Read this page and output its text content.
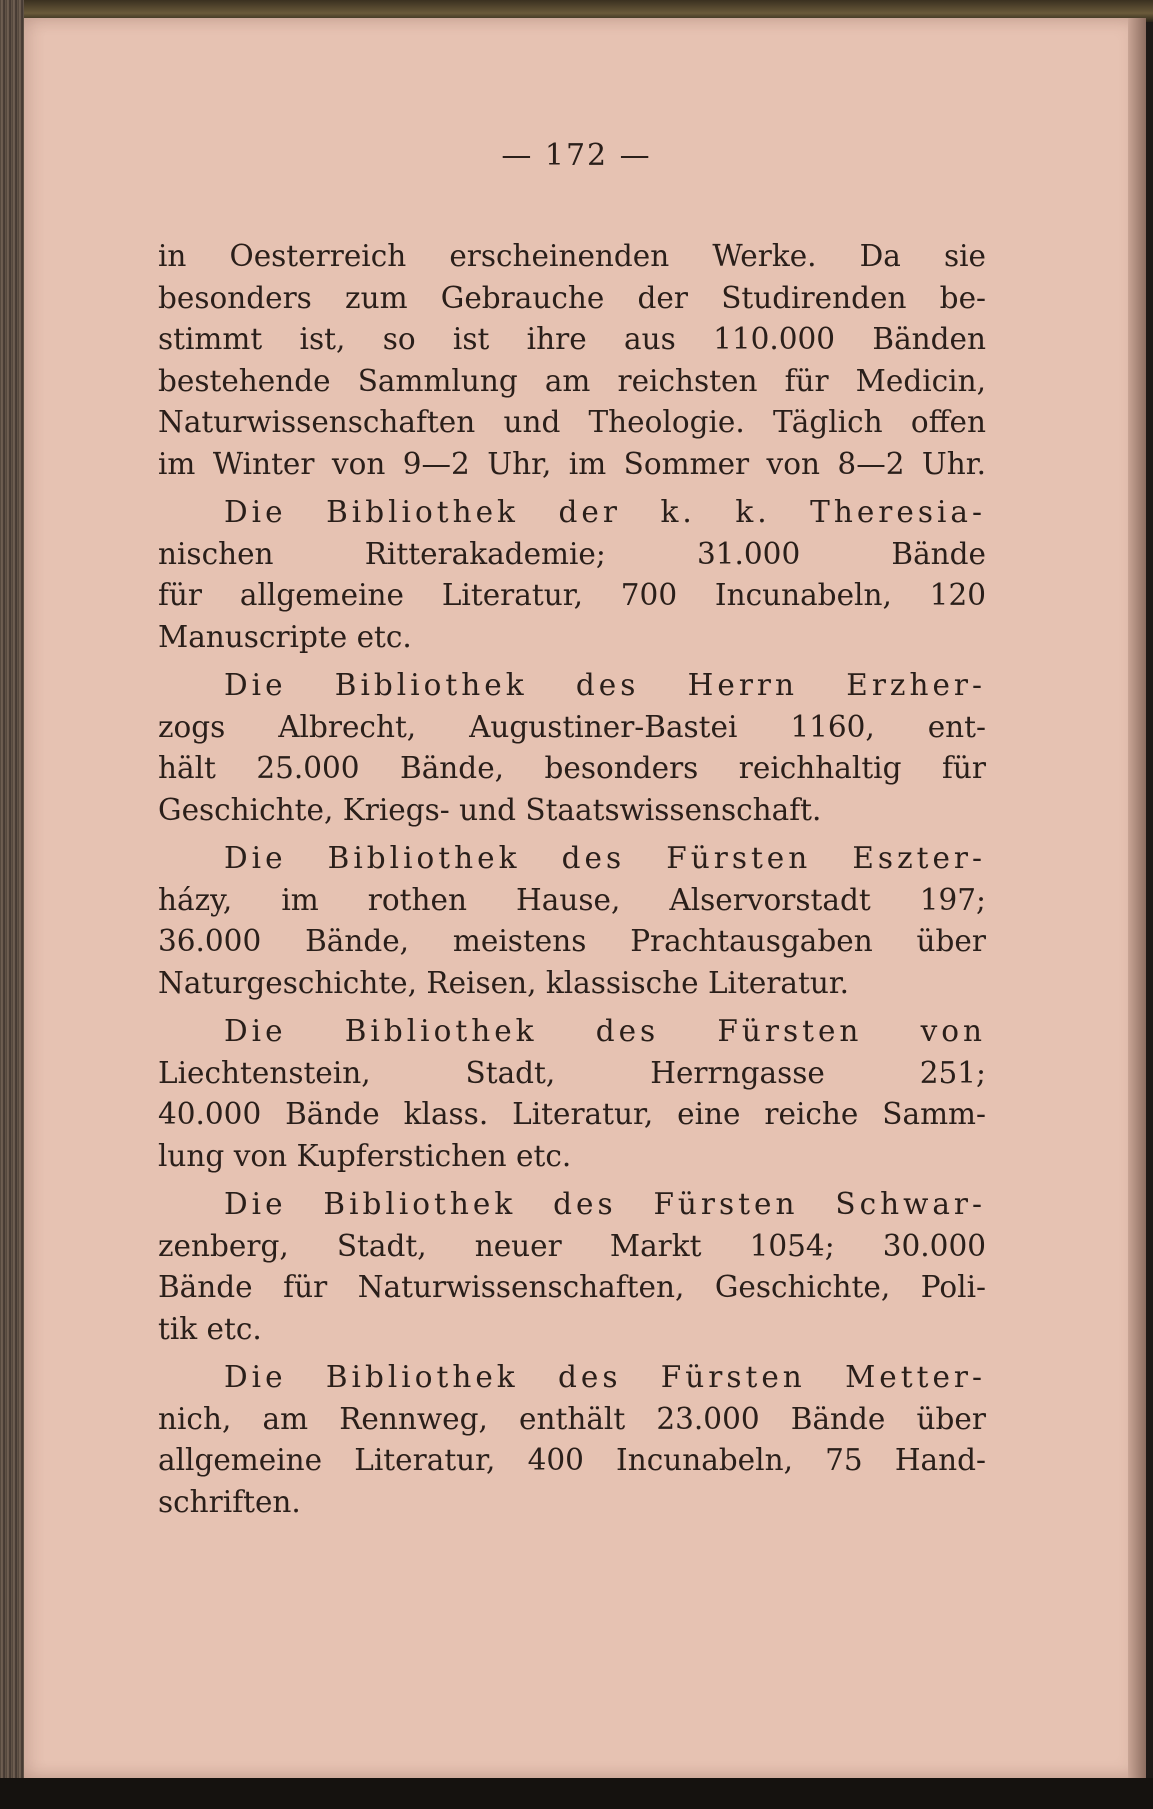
— 172 —
in Oesterreich erscheinenden Werke. Da sie
besonders zum Gebrauche der Studirenden be-
stimmt ist, so ist ihre aus 110.000 Bänden
bestehende Sammlung am reichsten für Medicin,
Naturwissenschaften und Theologie. Täglich offen
im Winter von 9—2 Uhr, im Sommer von 8—2 Uhr.
Die Bibliothek der k. k. Theresia-
nischen Ritterakademie; 31.000 Bände
für allgemeine Literatur, 700 Incunabeln, 120
Manuscripte etc.
Die Bibliothek des Herrn Erzher-
zogs Albrecht, Augustiner-Bastei 1160, ent-
hält 25.000 Bände, besonders reichhaltig für
Geschichte, Kriegs- und Staatswissenschaft.
Die Bibliothek des Fürsten Eszter-
házy, im rothen Hause, Alservorstadt 197;
36.000 Bände, meistens Prachtausgaben über
Naturgeschichte, Reisen, klassische Literatur.
Die Bibliothek des Fürsten von
Liechtenstein, Stadt, Herrngasse 251;
40.000 Bände klass. Literatur, eine reiche Samm-
lung von Kupferstichen etc.
Die Bibliothek des Fürsten Schwar-
zenberg, Stadt, neuer Markt 1054; 30.000
Bände für Naturwissenschaften, Geschichte, Poli-
tik etc.
Die Bibliothek des Fürsten Metter-
nich, am Rennweg, enthält 23.000 Bände über
allgemeine Literatur, 400 Incunabeln, 75 Hand-
schriften.
